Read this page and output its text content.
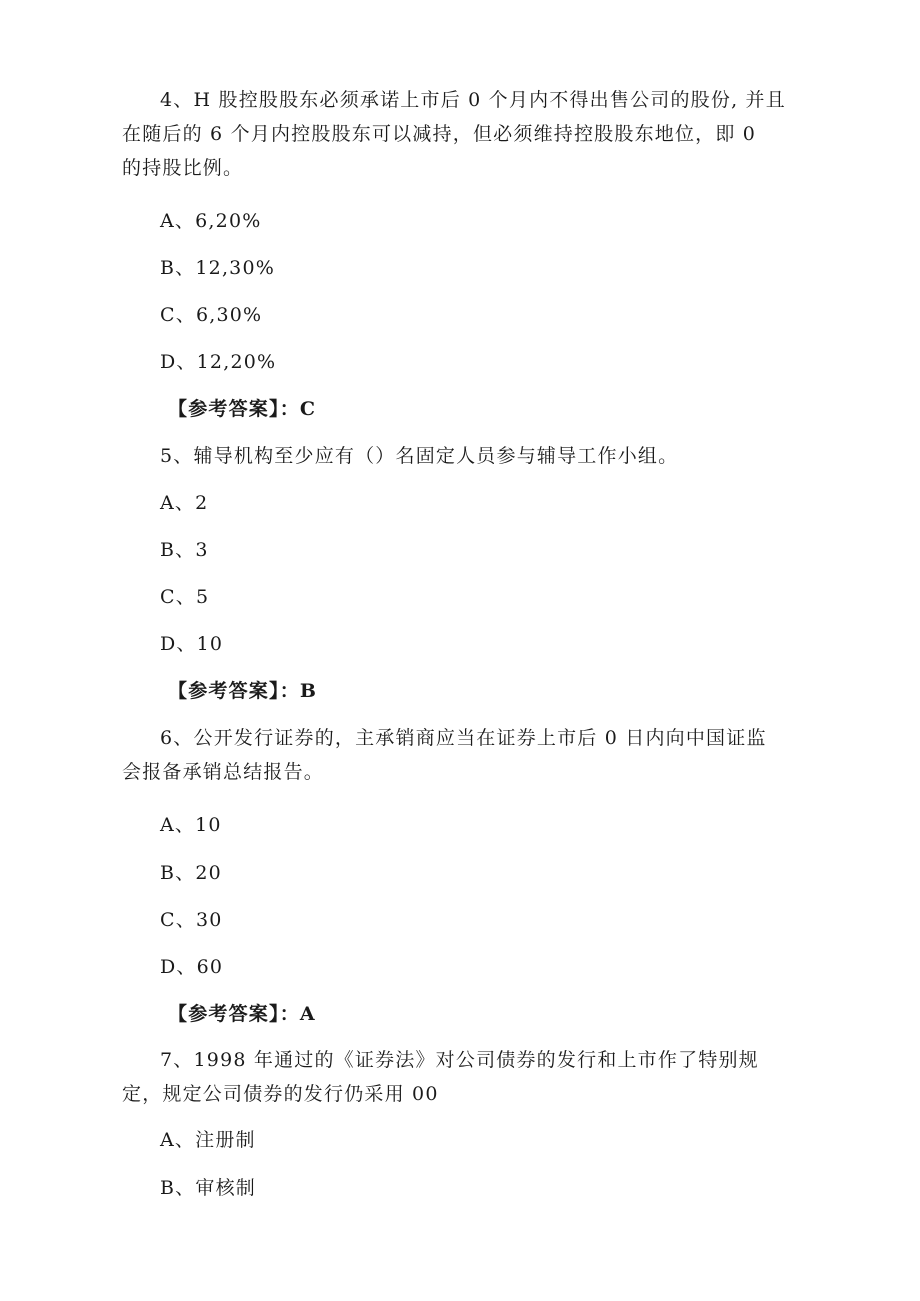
4、H 股控股股东必须承诺上市后 0 个月内不得出售公司的股份, 并且
在随后的 6 个月内控股股东可以减持，但必须维持控股股东地位，即 0
的持股比例。
A、6,20%
B、12,30%
C、6,30%
D、12,20%
【参考答案】：C
5、辅导机构至少应有（）名固定人员参与辅导工作小组。
A、2
B、3
C、5
D、10
【参考答案】：B
6、公开发行证券的，主承销商应当在证券上市后 0 日内向中国证监
会报备承销总结报告。
A、10
B、20
C、30
D、60
【参考答案】：A
7、1998 年通过的《证券法》对公司债券的发行和上市作了特别规
定，规定公司债券的发行仍采用 00
A、注册制
B、审核制
